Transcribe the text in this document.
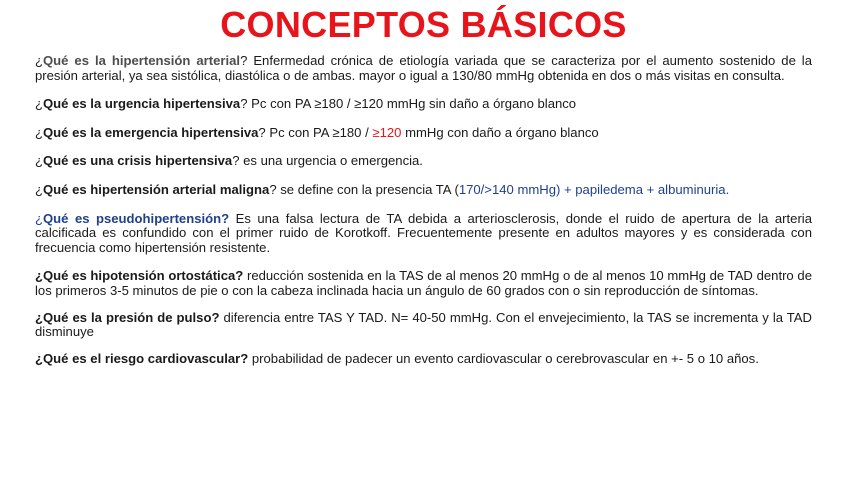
CONCEPTOS BÁSICOS

¿Qué es la hipertensión arterial? Enfermedad crónica de etiología variada que se caracteriza por el aumento sostenido de la presión arterial, ya sea sistólica, diastólica o de ambas. mayor o igual a 130/80 mmHg obtenida en dos o más visitas en consulta.

¿Qué es la urgencia hipertensiva? Pc con PA ≥180 / ≥120 mmHg sin daño a órgano blanco

¿Qué es la emergencia hipertensiva? Pc con PA ≥180 / ≥120 mmHg con daño a órgano blanco

¿Qué es una crisis hipertensiva? es una urgencia o emergencia.

¿Qué es hipertensión arterial maligna? se define con la presencia TA (170/>140 mmHg) + papiledema + albuminuria.

¿Qué es pseudohipertensión? Es una falsa lectura de TA debida a arteriosclerosis, donde el ruido de apertura de la arteria calcificada es confundido con el primer ruido de Korotkoff. Frecuentemente presente en adultos mayores y es considerada con frecuencia como hipertensión resistente.

¿Qué es hipotensión ortostática? reducción sostenida en la TAS de al menos 20 mmHg o de al menos 10 mmHg de TAD dentro de los primeros 3-5 minutos de pie o con la cabeza inclinada hacia un ángulo de 60 grados con o sin reproducción de síntomas.

¿Qué es la presión de pulso? diferencia entre TAS Y TAD. N= 40-50 mmHg. Con el envejecimiento, la TAS se incrementa y la TAD disminuye

¿Qué es el riesgo cardiovascular? probabilidad de padecer un evento cardiovascular o cerebrovascular en +- 5 o 10 años.
